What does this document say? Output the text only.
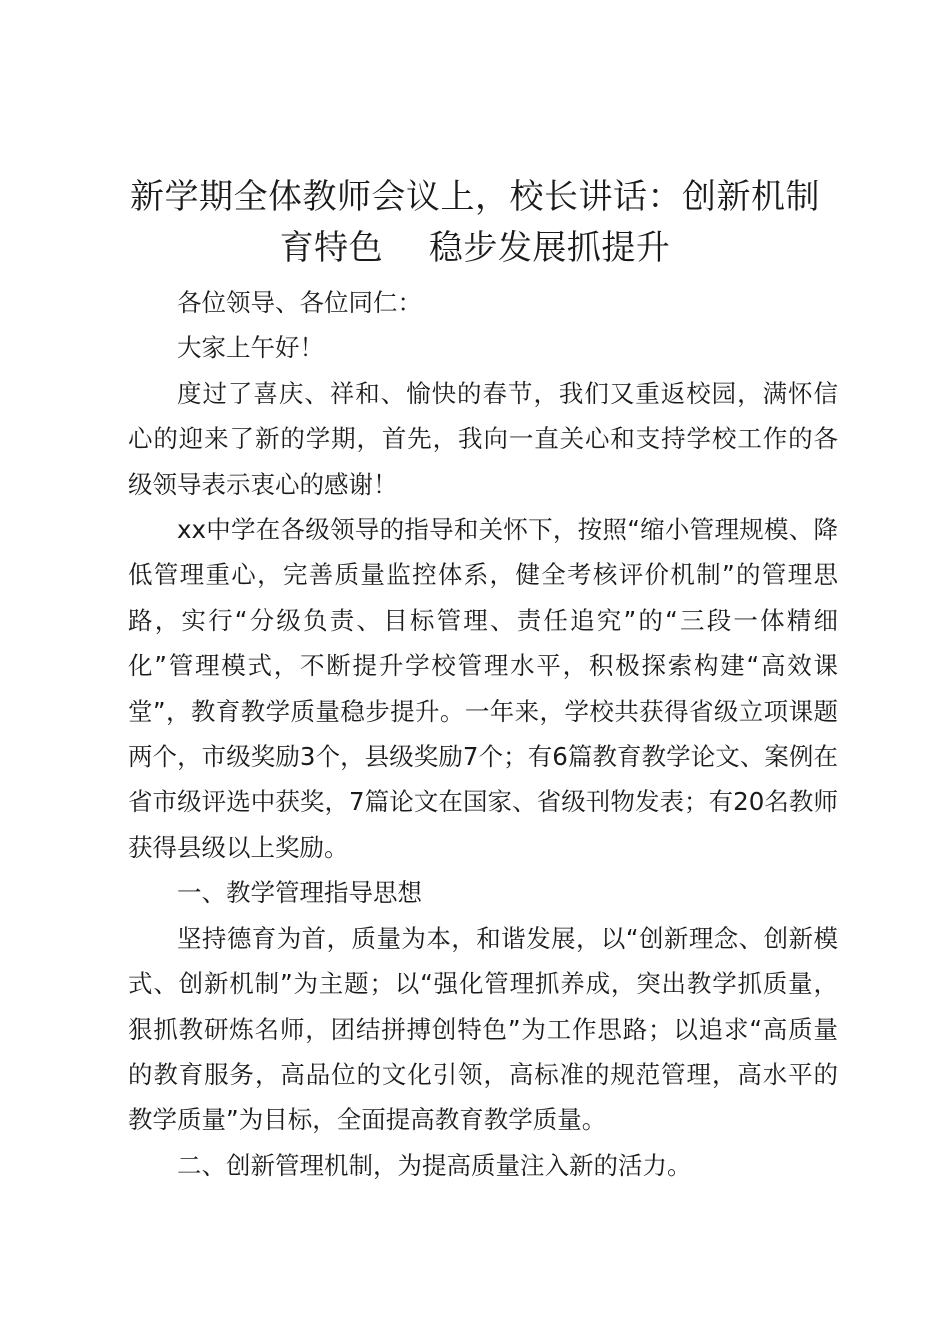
新学期全体教师会议上，校长讲话：创新机制
育特色　 稳步发展抓提升

各位领导、各位同仁：

大家上午好！

度过了喜庆、祥和、愉快的春节，我们又重返校园，满怀信心的迎来了新的学期，首先，我向一直关心和支持学校工作的各级领导表示衷心的感谢！

xx中学在各级领导的指导和关怀下，按照“缩小管理规模、降低管理重心，完善质量监控体系，健全考核评价机制”的管理思路，实行“分级负责、目标管理、责任追究”的“三段一体精细化”管理模式，不断提升学校管理水平，积极探索构建“高效课堂”，教育教学质量稳步提升。一年来，学校共获得省级立项课题两个，市级奖励3个，县级奖励7个；有6篇教育教学论文、案例在省市级评选中获奖，7篇论文在国家、省级刊物发表；有20名教师获得县级以上奖励。

一、教学管理指导思想

坚持德育为首，质量为本，和谐发展，以“创新理念、创新模式、创新机制”为主题；以“强化管理抓养成，突出教学抓质量，狠抓教研炼名师，团结拼搏创特色”为工作思路；以追求“高质量的教育服务，高品位的文化引领，高标准的规范管理，高水平的教学质量”为目标，全面提高教育教学质量。

二、创新管理机制，为提高质量注入新的活力。
